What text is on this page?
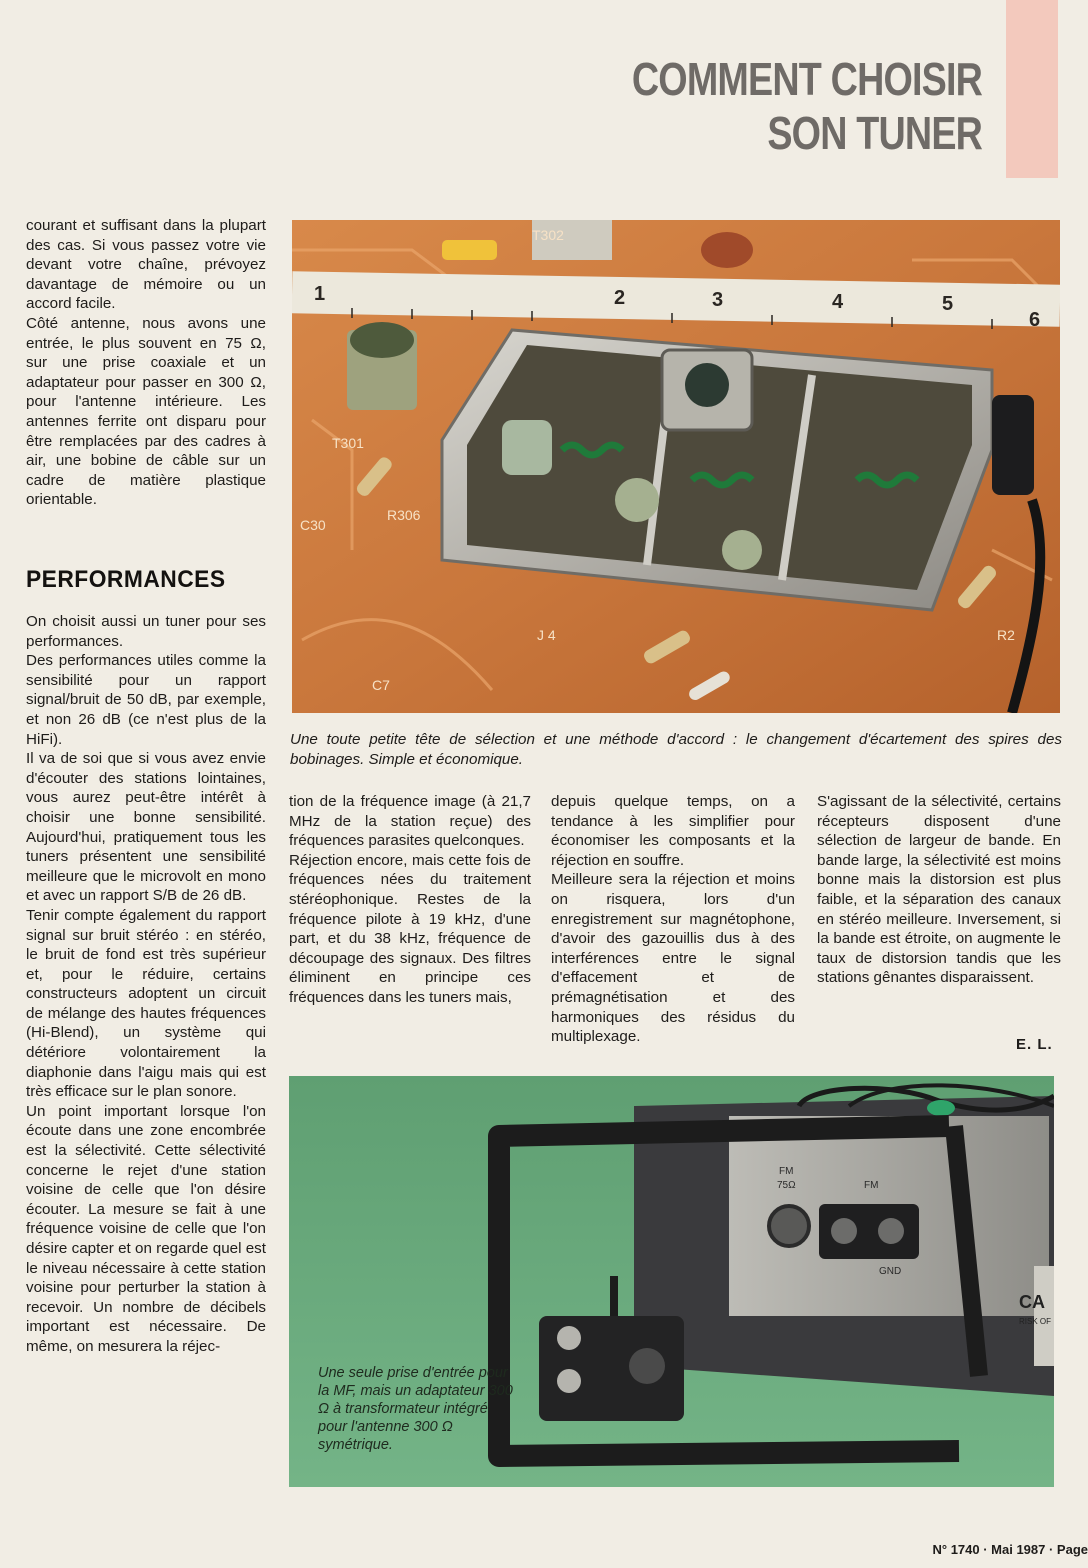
COMMENT CHOISIR
SON TUNER

courant et suffisant dans la plupart des cas. Si vous passez votre vie devant votre chaîne, prévoyez davantage de mémoire ou un accord facile.

Côté antenne, nous avons une entrée, le plus souvent en 75 Ω, sur une prise coaxiale et un adaptateur pour passer en 300 Ω, pour l'antenne intérieure. Les antennes ferrite ont disparu pour être remplacées par des cadres à air, une bobine de câble sur un cadre de matière plastique orientable.

PERFORMANCES

On choisit aussi un tuner pour ses performances.

Des performances utiles comme la sensibilité pour un rapport signal/bruit de 50 dB, par exemple, et non 26 dB (ce n'est plus de la HiFi).

Il va de soi que si vous avez envie d'écouter des stations lointaines, vous aurez peut-être intérêt à choisir une bonne sensibilité. Aujourd'hui, pratiquement tous les tuners présentent une sensibilité meilleure que le microvolt en mono et avec un rapport S/B de 26 dB.

Tenir compte également du rapport signal sur bruit stéréo : en stéréo, le bruit de fond est très supérieur et, pour le réduire, certains constructeurs adoptent un circuit de mélange des hautes fréquences (Hi-Blend), un système qui détériore volontairement la diaphonie dans l'aigu mais qui est très efficace sur le plan sonore.

Un point important lorsque l'on écoute dans une zone encombrée est la sélectivité. Cette sélectivité concerne le rejet d'une station voisine de celle que l'on désire écouter. La mesure se fait à une fréquence voisine de celle que l'on désire capter et on regarde quel est le niveau nécessaire à cette station voisine pour perturber la station à recevoir. Un nombre de décibels important est nécessaire. De même, on mesurera la réjec-

1	2	3	4	5
6
T302
T301
R306
C30
R2
J 4
C7
Une toute petite tête de sélection et une méthode d'accord : le changement d'écartement des spires des bobinages. Simple et économique.

tion de la fréquence image (à 21,7 MHz de la station reçue) des fréquences parasites quelconques.

Réjection encore, mais cette fois de fréquences nées du traitement stéréophonique. Restes de la fréquence pilote à 19 kHz, d'une part, et du 38 kHz, fréquence de découpage des signaux. Des filtres éliminent en principe ces fréquences dans les tuners mais,

depuis quelque temps, on a tendance à les simplifier pour économiser les composants et la réjection en souffre.

Meilleure sera la réjection et moins on risquera, lors d'un enregistrement sur magnétophone, d'avoir des gazouillis dus à des interférences entre le signal d'effacement et de prémagnétisation et des harmoniques des résidus du multiplexage.

S'agissant de la sélectivité, certains récepteurs disposent d'une sélection de largeur de bande. En bande large, la sélectivité est moins bonne mais la distorsion est plus faible, et la séparation des canaux en stéréo meilleure. Inversement, si la bande est étroite, on augmente le taux de distorsion tandis que les stations gênantes disparaissent.

E. L.
CA
RISK OF
FM
75Ω	FM
GND
Une seule prise d'entrée pour la MF, mais un adaptateur 300 Ω à transformateur intégré pour l'antenne 300 Ω symétrique.
N° 1740 · Mai 1987 · Page
